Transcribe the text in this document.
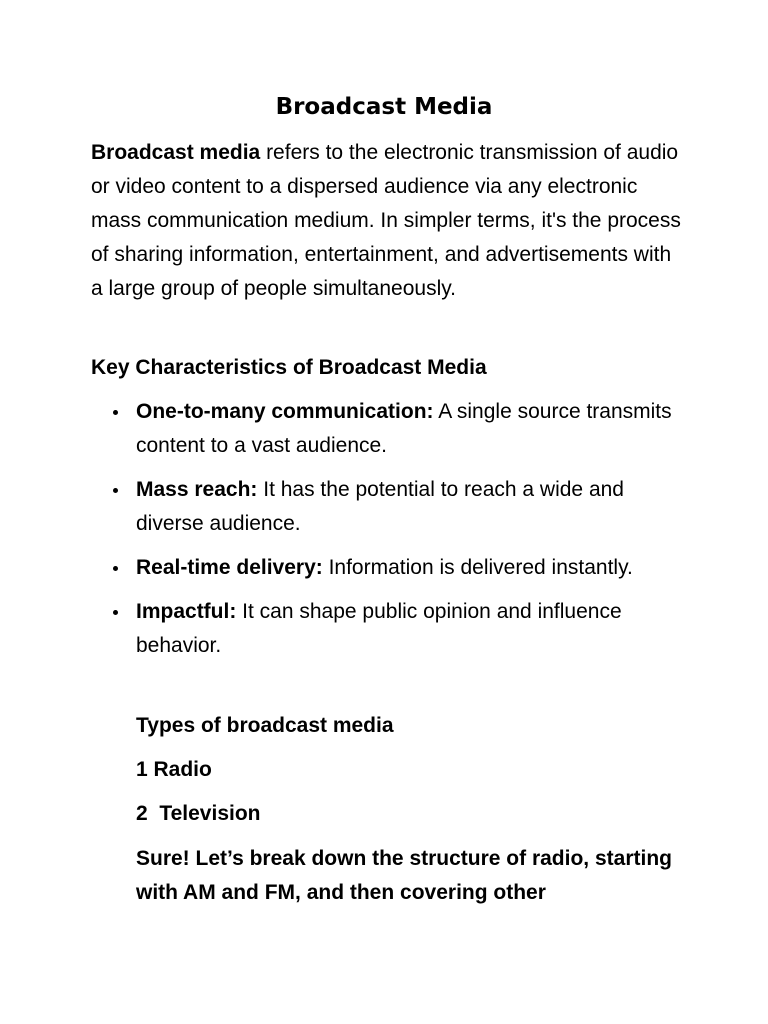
Broadcast Media

Broadcast media refers to the electronic transmission of audio or video content to a dispersed audience via any electronic mass communication medium. In simpler terms, it's the process of sharing information, entertainment, and advertisements with a large group of people simultaneously.

Key Characteristics of Broadcast Media

One-to-many communication: A single source transmits content to a vast audience.
Mass reach: It has the potential to reach a wide and diverse audience.
Real-time delivery: Information is delivered instantly.
Impactful: It can shape public opinion and influence behavior.

Types of broadcast media

1 Radio

2  Television

Sure! Let’s break down the structure of radio, starting with AM and FM, and then covering other
